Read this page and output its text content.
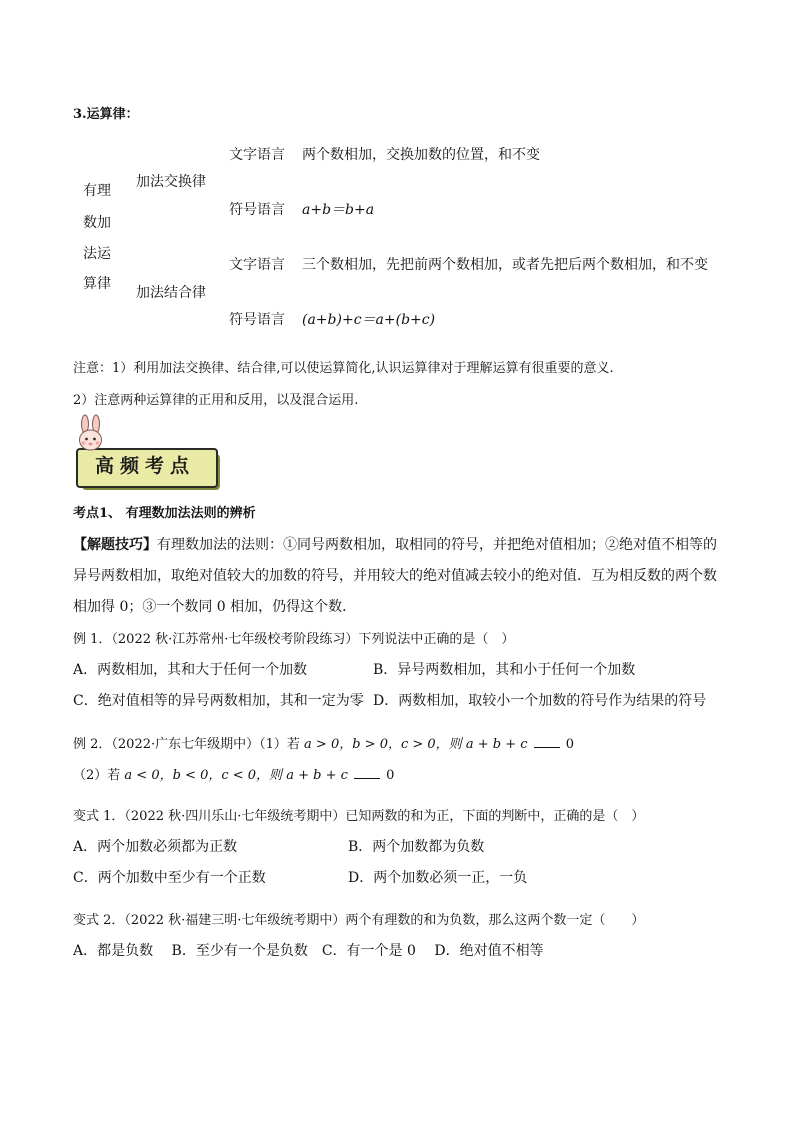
3.运算律：
有理
数加
法运
算律
加法交换律
文字语言 两个数相加，交换加数的位置，和不变
符号语言 a+b＝b+a
加法结合律
文字语言 三个数相加，先把前两个数相加，或者先把后两个数相加，和不变
符号语言 (a+b)+c＝a+(b+c)
注意：1）利用加法交换律、结合律,可以使运算简化,认识运算律对于理解运算有很重要的意义.
2）注意两种运算律的正用和反用，以及混合运用.
高频考点
考点1、 有理数加法法则的辨析
【解题技巧】有理数加法的法则：①同号两数相加，取相同的符号，并把绝对值相加；②绝对值不相等的
异号两数相加，取绝对值较大的加数的符号，并用较大的绝对值减去较小的绝对值．互为相反数的两个数
相加得 0；③一个数同 0 相加，仍得这个数．
例 1．（2022 秋·江苏常州·七年级校考阶段练习）下列说法中正确的是（　）
A．两数相加，其和大于任何一个加数	B．异号两数相加，其和小于任何一个加数
C．绝对值相等的异号两数相加，其和一定为零 D．两数相加，取较小一个加数的符号作为结果的符号
例 2．（2022·广东七年级期中）（1）若 a > 0，b > 0，c > 0，则 a + b + c	0
（2）若 a < 0，b < 0，c < 0，则 a + b + c	0
变式 1．（2022 秋·四川乐山·七年级统考期中）已知两数的和为正，下面的判断中，正确的是（　）
A．两个加数必须都为正数	B．两个加数都为负数
C．两个加数中至少有一个正数	D．两个加数必须一正，一负
变式 2．（2022 秋·福建三明·七年级统考期中）两个有理数的和为负数，那么这两个数一定（　　）
A．都是负数　 B．至少有一个是负数　C．有一个是 0　 D．绝对值不相等
